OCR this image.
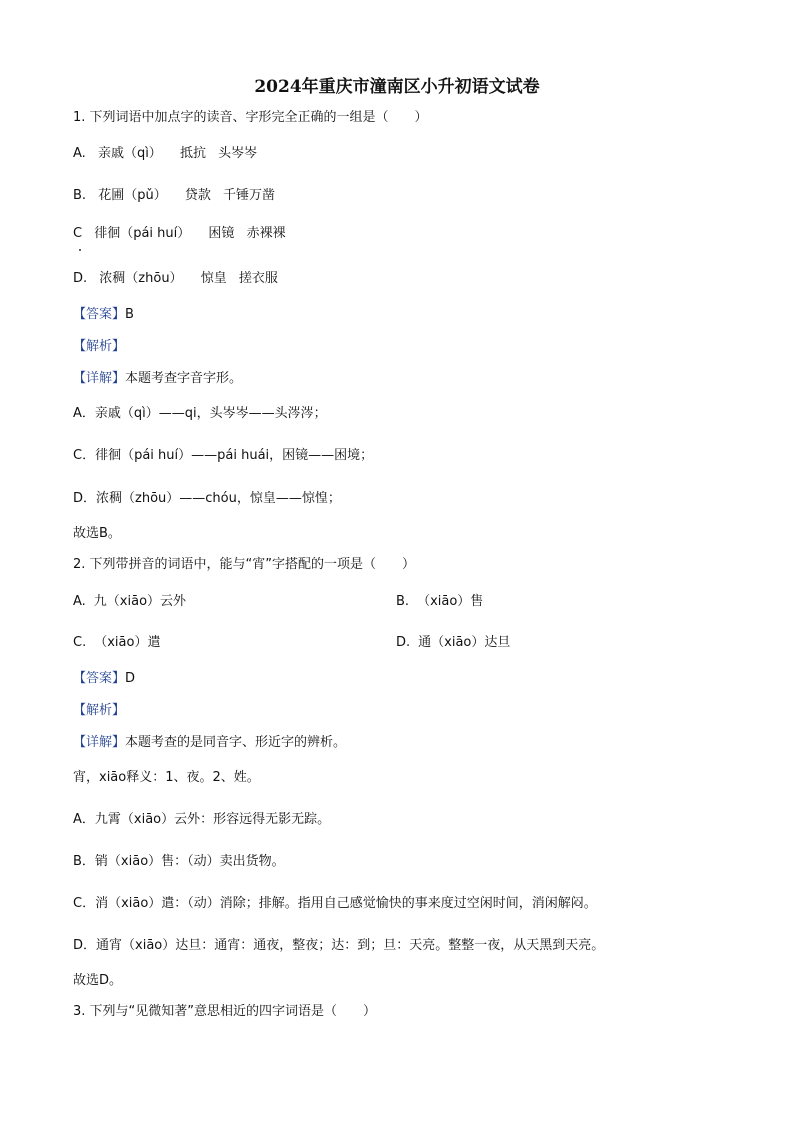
2024年重庆市潼南区小升初语文试卷
1. 下列词语中加点字的读音、字形完全正确的一组是（　　）
A. 亲戚（qì） 抵抗 头岑岑
B. 花圃（pǔ） 贷款 千锤万凿
C 徘徊（pái huí） 困镜 赤裸裸
D. 浓稠（zhōu） 惊皇 搓衣服
【答案】B
【解析】
【详解】本题考查字音字形。
A．亲戚（qì）——qi，头岑岑——头涔涔；
C．徘徊（pái huí）——pái huái，困镜——困境；
D．浓稠（zhōu）——chóu，惊皇——惊惶；
故选B。
2. 下列带拼音的词语中，能与“宵”字搭配的一项是（　　）
A. 九（xiāo）云外	B. （xiāo）售
C. （xiāo）遣	D. 通（xiāo）达旦
【答案】D
【解析】
【详解】本题考查的是同音字、形近字的辨析。
宵，xiāo释义：1、夜。2、姓。
A．九霄（xiāo）云外：形容远得无影无踪。
B．销（xiāo）售：（动）卖出货物。
C．消（xiāo）遣：（动）消除；排解。指用自己感觉愉快的事来度过空闲时间，消闲解闷。
D．通宵（xiāo）达旦：通宵：通夜，整夜；达：到；旦：天亮。整整一夜，从天黑到天亮。
故选D。
3. 下列与“见微知著”意思相近的四字词语是（　　）
